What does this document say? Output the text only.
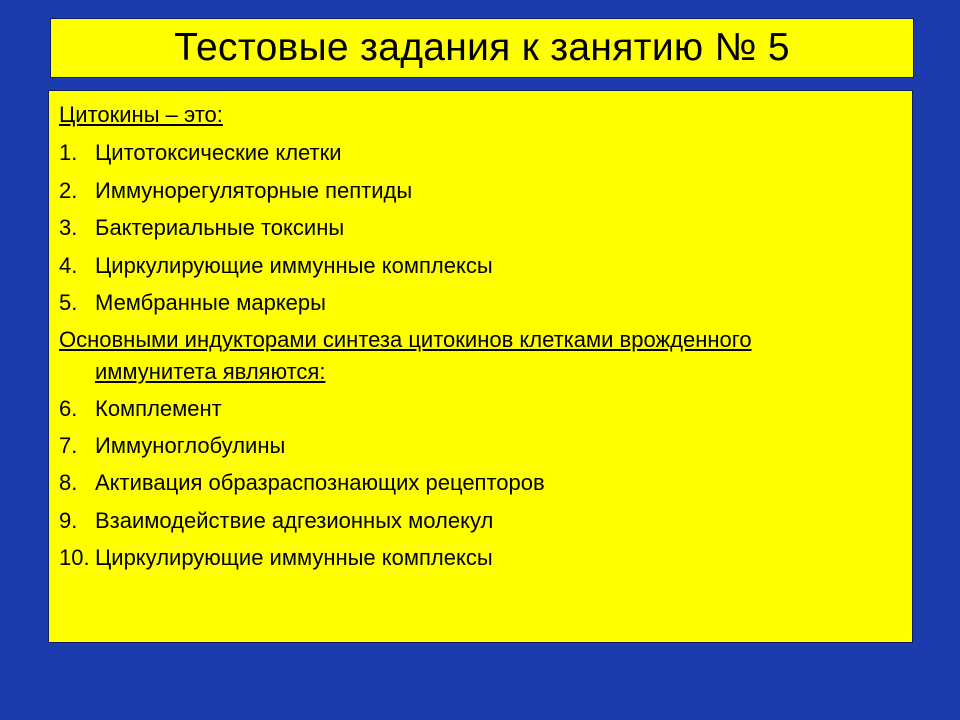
Тестовые задания к занятию № 5
Цитокины – это:
1. Цитотоксические клетки
2. Иммунорегуляторные пептиды
3. Бактериальные токсины
4. Циркулирующие иммунные комплексы
5. Мембранные маркеры
Основными индукторами синтеза цитокинов клетками врожденного
иммунитета являются:
6. Комплемент
7. Иммуноглобулины
8. Активация образраспознающих рецепторов
9. Взаимодействие адгезионных молекул
10. Циркулирующие иммунные комплексы
